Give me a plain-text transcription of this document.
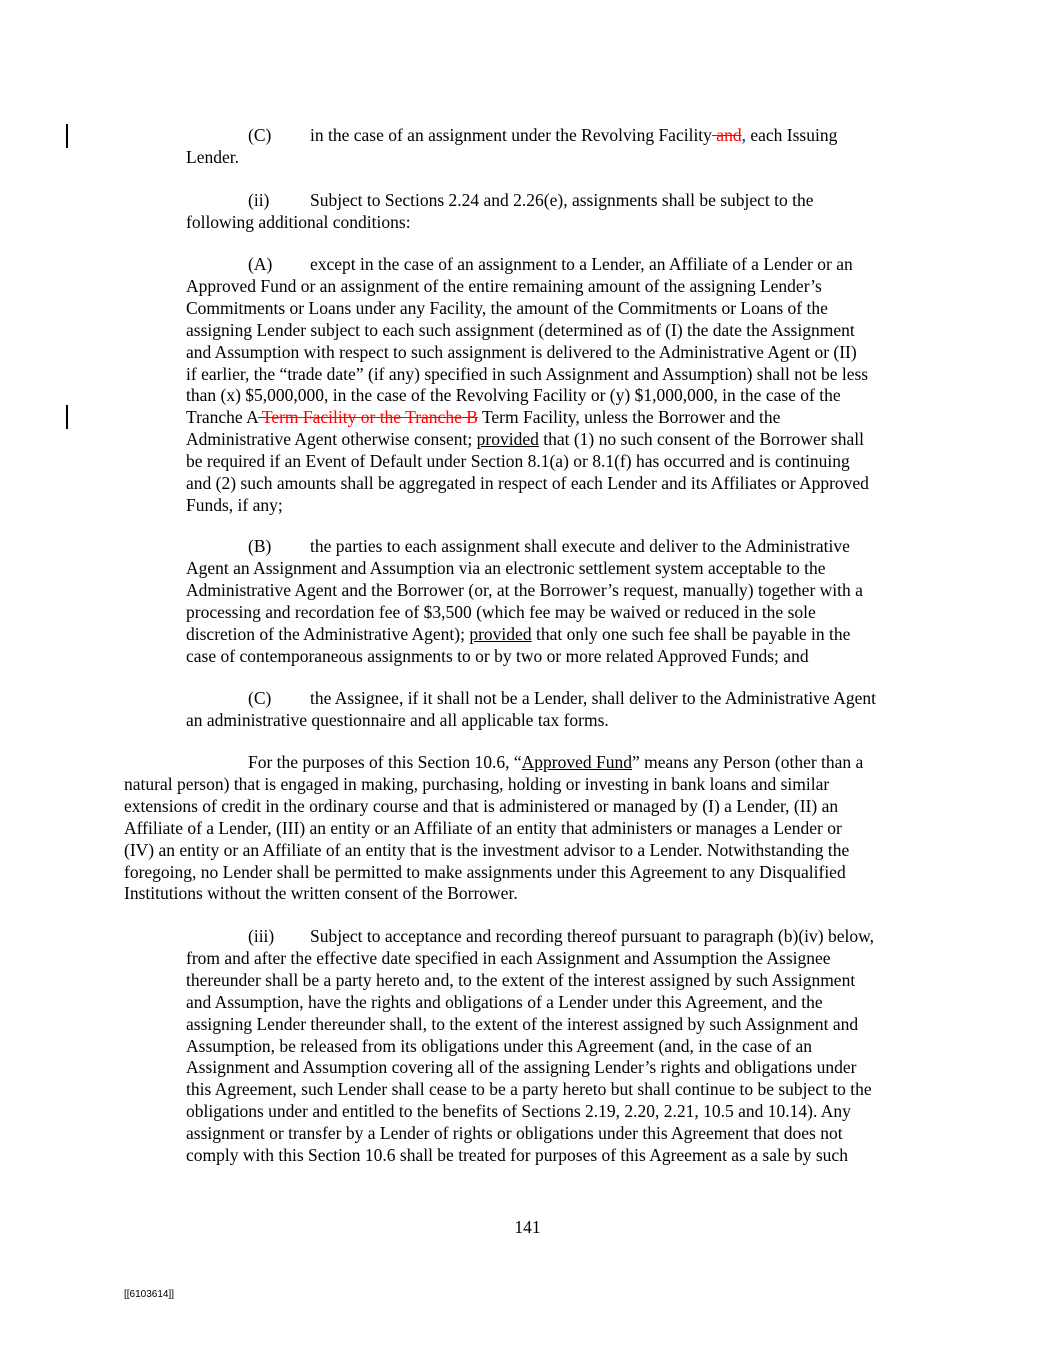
(C) in the case of an assignment under the Revolving Facility and, each Issuing
Lender.
(ii) Subject to Sections 2.24 and 2.26(e), assignments shall be subject to the
following additional conditions:
(A) except in the case of an assignment to a Lender, an Affiliate of a Lender or an
Approved Fund or an assignment of the entire remaining amount of the assigning Lender’s
Commitments or Loans under any Facility, the amount of the Commitments or Loans of the
assigning Lender subject to each such assignment (determined as of (I) the date the Assignment
and Assumption with respect to such assignment is delivered to the Administrative Agent or (II)
if earlier, the “trade date” (if any) specified in such Assignment and Assumption) shall not be less
than (x) $5,000,000, in the case of the Revolving Facility or (y) $1,000,000, in the case of the
Tranche A Term Facility or the Tranche B Term Facility, unless the Borrower and the
Administrative Agent otherwise consent; provided that (1) no such consent of the Borrower shall
be required if an Event of Default under Section 8.1(a) or 8.1(f) has occurred and is continuing
and (2) such amounts shall be aggregated in respect of each Lender and its Affiliates or Approved
Funds, if any;
(B) the parties to each assignment shall execute and deliver to the Administrative
Agent an Assignment and Assumption via an electronic settlement system acceptable to the
Administrative Agent and the Borrower (or, at the Borrower’s request, manually) together with a
processing and recordation fee of $3,500 (which fee may be waived or reduced in the sole
discretion of the Administrative Agent); provided that only one such fee shall be payable in the
case of contemporaneous assignments to or by two or more related Approved Funds; and
(C) the Assignee, if it shall not be a Lender, shall deliver to the Administrative Agent
an administrative questionnaire and all applicable tax forms.
For the purposes of this Section 10.6, “Approved Fund” means any Person (other than a
natural person) that is engaged in making, purchasing, holding or investing in bank loans and similar
extensions of credit in the ordinary course and that is administered or managed by (I) a Lender, (II) an
Affiliate of a Lender, (III) an entity or an Affiliate of an entity that administers or manages a Lender or
(IV) an entity or an Affiliate of an entity that is the investment advisor to a Lender. Notwithstanding the
foregoing, no Lender shall be permitted to make assignments under this Agreement to any Disqualified
Institutions without the written consent of the Borrower.
(iii) Subject to acceptance and recording thereof pursuant to paragraph (b)(iv) below,
from and after the effective date specified in each Assignment and Assumption the Assignee
thereunder shall be a party hereto and, to the extent of the interest assigned by such Assignment
and Assumption, have the rights and obligations of a Lender under this Agreement, and the
assigning Lender thereunder shall, to the extent of the interest assigned by such Assignment and
Assumption, be released from its obligations under this Agreement (and, in the case of an
Assignment and Assumption covering all of the assigning Lender’s rights and obligations under
this Agreement, such Lender shall cease to be a party hereto but shall continue to be subject to the
obligations under and entitled to the benefits of Sections 2.19, 2.20, 2.21, 10.5 and 10.14). Any
assignment or transfer by a Lender of rights or obligations under this Agreement that does not
comply with this Section 10.6 shall be treated for purposes of this Agreement as a sale by such
141
[[6103614]]
